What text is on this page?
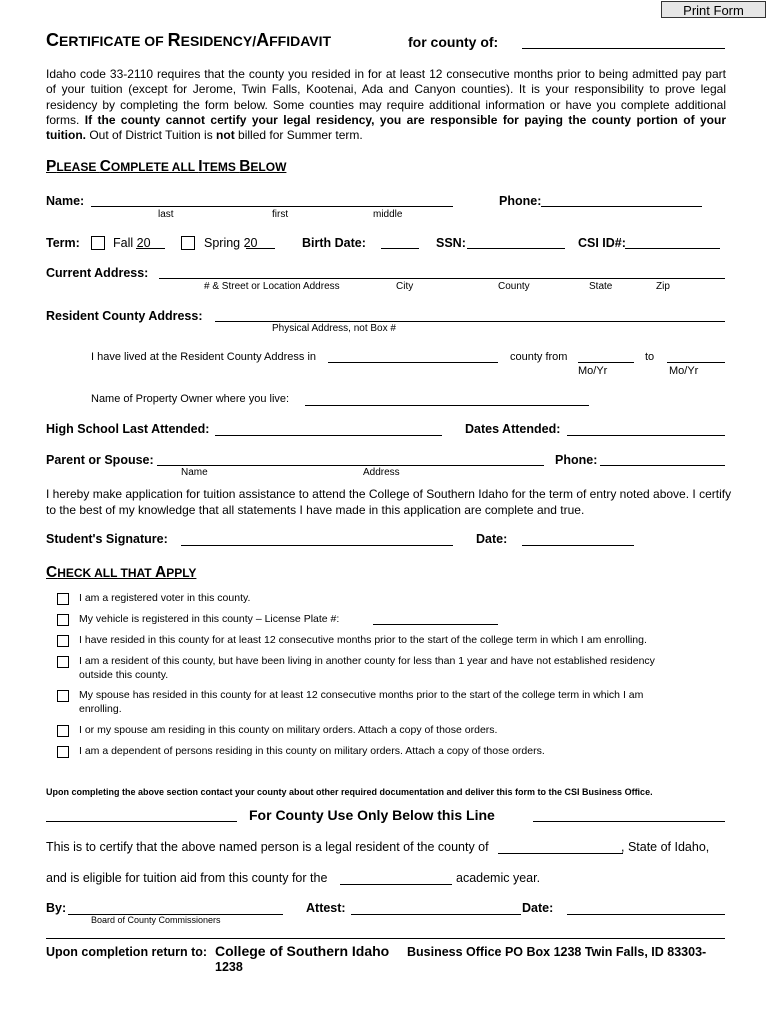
Print Form
CERTIFICATE OF RESIDENCY/AFFIDAVIT	for county of:
Idaho code 33-2110 requires that the county you resided in for at least 12 consecutive months prior to being admitted pay part of your tuition (except for Jerome, Twin Falls, Kootenai, Ada and Canyon counties). It is your responsibility to prove legal residency by completing the form below. Some counties may require additional information or have you complete additional forms. If the county cannot certify your legal residency, you are responsible for paying the county portion of your tuition. Out of District Tuition is not billed for Summer term.
PLEASE COMPLETE ALL ITEMS BELOW
Name:
last	first	middle
Phone:
Term:	Fall 20	Spring 20	Birth Date:	SSN:	CSI ID#:
Current Address:
# & Street or Location Address	City	County	State	Zip
Resident County Address:
Physical Address, not Box #
I have lived at the Resident County Address in	county from	to
Mo/Yr	Mo/Yr
Name of Property Owner where you live:
High School Last Attended:	Dates Attended:
Parent or Spouse:
Name	Address
Phone:
I hereby make application for tuition assistance to attend the College of Southern Idaho for the term of entry noted above. I certify to the best of my knowledge that all statements I have made in this application are complete and true.
Student's Signature:	Date:
CHECK ALL THAT APPLY
I am a registered voter in this county.
My vehicle is registered in this county – License Plate #:
I have resided in this county for at least 12 consecutive months prior to the start of the college term in which I am enrolling.
I am a resident of this county, but have been living in another county for less than 1 year and have not established residency
outside this county.
My spouse has resided in this county for at least 12 consecutive months prior to the start of the college term in which I am
enrolling.
I or my spouse am residing in this county on military orders. Attach a copy of those orders.
I am a dependent of persons residing in this county on military orders. Attach a copy of those orders.
Upon completing the above section contact your county about other required documentation and deliver this form to the CSI Business Office.
For County Use Only Below this Line
This is to certify that the above named person is a legal resident of the county of	, State of Idaho,
and is eligible for tuition aid from this county for the	academic year.
By:
Board of County Commissioners
Attest:	Date:
Upon completion return to: College of Southern Idaho Business Office PO Box 1238 Twin Falls, ID 83303-
1238
